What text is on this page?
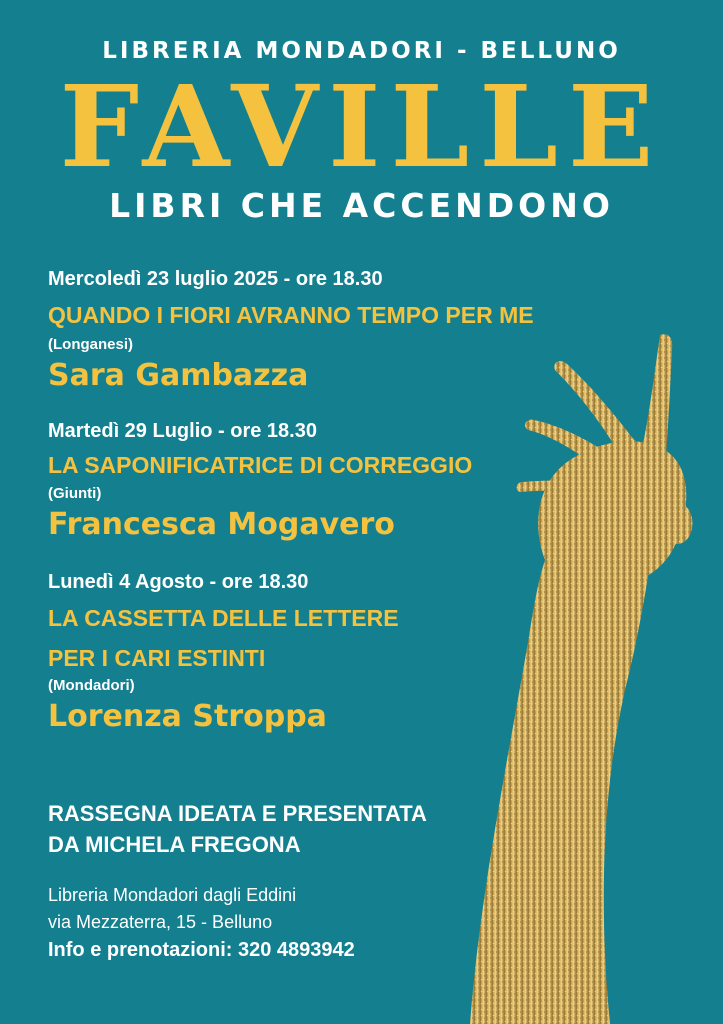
LIBRERIA MONDADORI - BELLUNO
FAVILLE
LIBRI CHE ACCENDONO
Mercoledì 23 luglio 2025 - ore 18.30
QUANDO I FIORI AVRANNO TEMPO PER ME
(Longanesi)
Sara Gambazza
Martedì 29 Luglio - ore 18.30
LA SAPONIFICATRICE DI CORREGGIO
(Giunti)
Francesca Mogavero
Lunedì 4 Agosto - ore 18.30
LA CASSETTA DELLE LETTERE
PER I CARI ESTINTI
(Mondadori)
Lorenza Stroppa
RASSEGNA IDEATA E PRESENTATA
DA MICHELA FREGONA
Libreria Mondadori dagli Eddini
via Mezzaterra, 15 - Belluno
Info e prenotazioni: 320 4893942
